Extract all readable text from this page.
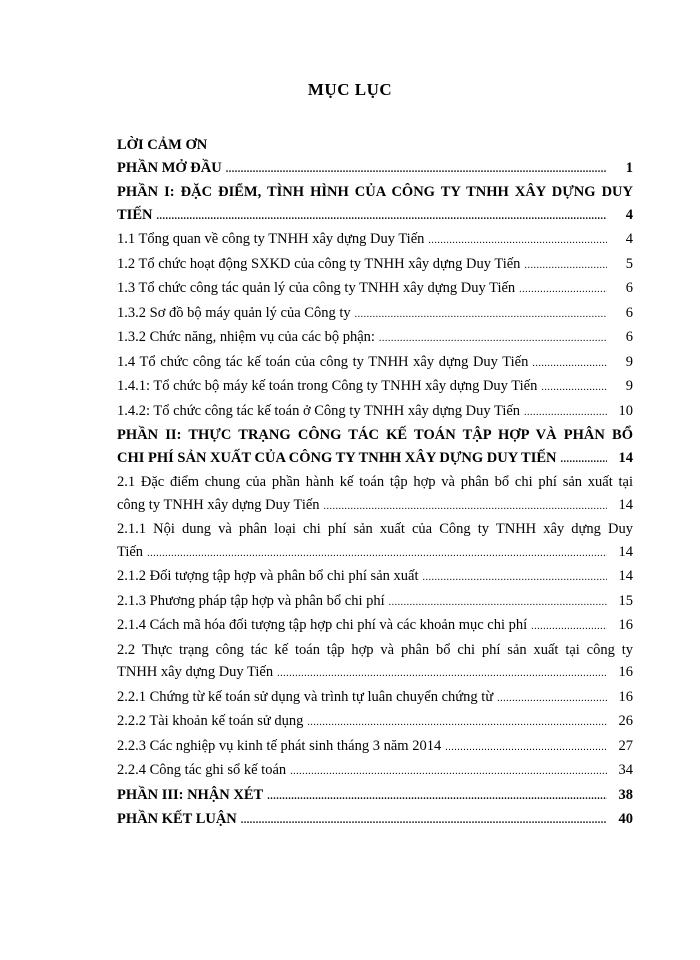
MỤC LỤC
LỜI CẢM ƠN
PHẦN MỞ ĐẦU .....	1
PHẦN I: ĐẶC ĐIỂM, TÌNH HÌNH CỦA CÔNG TY TNHH XÂY DỰNG DUY
TIẾN .....	4
1.1 Tổng quan về công ty TNHH xây dựng Duy Tiến .....	4
1.2 Tổ chức hoạt động SXKD của công ty TNHH xây dựng Duy Tiến .....	5
1.3 Tổ chức công tác quản lý của công ty TNHH xây dựng Duy Tiến .....	6
1.3.2 Sơ đồ bộ máy quản lý của Công ty .....	6
1.3.2 Chức năng, nhiệm vụ của các bộ phận: .....	6
1.4 Tổ chức công tác kế toán của công ty TNHH xây dựng Duy Tiến .....	9
1.4.1: Tổ chức bộ máy kế toán trong Công ty TNHH xây dựng Duy Tiến .....	9
1.4.2: Tổ chức công tác kế toán ở Công ty TNHH xây dựng Duy Tiến .....	10
PHẦN II: THỰC TRẠNG CÔNG TÁC KẾ TOÁN TẬP HỢP VÀ PHÂN BỔ
CHI PHÍ SẢN XUẤT CỦA CÔNG TY TNHH XÂY DỰNG DUY TIẾN .....	14
2.1 Đặc điểm chung của phần hành kế toán tập hợp và phân bổ chi phí sản xuất tại
công ty TNHH xây dựng Duy Tiến .....	14
2.1.1 Nội dung và phân loại chi phí sản xuất của Công ty TNHH xây dựng Duy
Tiến .....	14
2.1.2 Đối tượng tập hợp và phân bổ chi phí sản xuất .....	14
2.1.3 Phương pháp tập hợp và phân bổ chi phí .....	15
2.1.4 Cách mã hóa đối tượng tập hợp chi phí và các khoản mục chi phí .....	16
2.2 Thực trạng công tác kế toán tập hợp và phân bổ chi phí sản xuất tại công ty
TNHH xây dựng Duy Tiến .....	16
2.2.1 Chứng từ kế toán sử dụng và trình tự luân chuyển chứng từ .....	16
2.2.2 Tài khoản kế toán sử dụng .....	26
2.2.3 Các nghiệp vụ kinh tế phát sinh tháng 3 năm 2014 .....	27
2.2.4 Công tác ghi sổ kế toán .....	34
PHẦN III: NHẬN XÉT .....	38
PHẦN KẾT LUẬN .....	40
